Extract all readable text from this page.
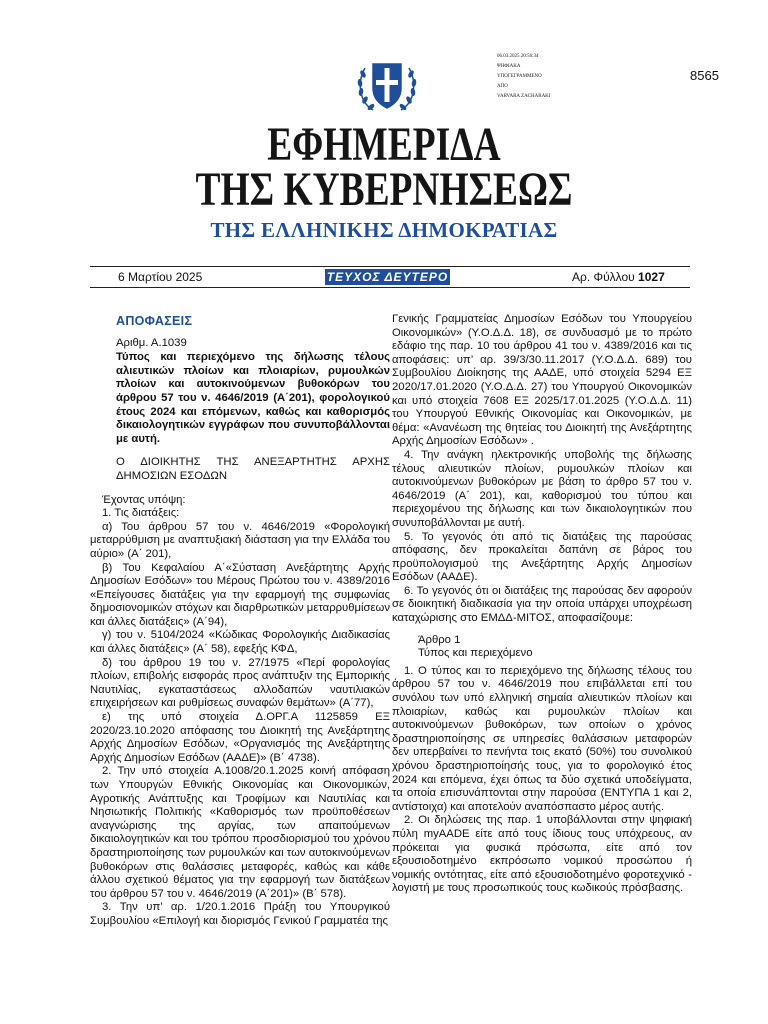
06.03.2025 20:56:34
ΨΗΦΙΑΚΑ
ΥΠΟΓΕΓΡΑΜΜΕΝΟ
ΑΠΟ
VARVARA ZACHARAKI
8565
ΕΦΗΜΕΡΙΔΑ
ΤΗΣ ΚΥΒΕΡΝΗΣΕΩΣ
ΤΗΣ ΕΛΛΗΝΙΚΗΣ ΔΗΜΟΚΡΑΤΙΑΣ
6 Μαρτίου 2025	ΤΕΥΧΟΣ ΔΕΥΤΕΡΟ	Αρ. Φύλλου 1027

ΑΠΟΦΑΣΕΙΣ

Αριθμ. Α.1039

Τύπος και περιεχόμενο της δήλωσης τέλους αλιευτικών πλοίων και πλοιαρίων, ρυμουλκών πλοίων και αυτοκινούμενων βυθοκόρων του άρθρου 57 του ν. 4646/2019 (Α΄201), φορολογικού έτους 2024 και επόμενων, καθώς και καθορισμός δικαιολογητικών εγγράφων που συνυποβάλλονται με αυτή.

Ο ΔΙΟΙΚΗΤΗΣ ΤΗΣ ΑΝΕΞΑΡΤΗΤΗΣ ΑΡΧΗΣ ΔΗΜΟΣΙΩΝ ΕΣΟΔΩΝ

Έχοντας υπόψη:

1. Τις διατάξεις:

α) Του άρθρου 57 του ν. 4646/2019 «Φορολογική μεταρρύθμιση με αναπτυξιακή διάσταση για την Ελλάδα του αύριο» (Α΄ 201),

β) Του Κεφαλαίου Α΄«Σύσταση Ανεξάρτητης Αρχής Δημοσίων Εσόδων» του Μέρους Πρώτου του ν. 4389/2016 «Επείγουσες διατάξεις για την εφαρμογή της συμφωνίας δημοσιονομικών στόχων και διαρθρωτικών μεταρρυθμίσεων και άλλες διατάξεις» (Α΄94),

γ) του ν. 5104/2024 «Κώδικας Φορολογικής Διαδικασίας και άλλες διατάξεις» (Α΄ 58), εφεξής ΚΦΔ,

δ) του άρθρου 19 του ν. 27/1975 «Περί φορολογίας πλοίων, επιβολής εισφοράς προς ανάπτυξιν της Εμπορικής Ναυτιλίας, εγκαταστάσεως αλλοδαπών ναυτιλιακών επιχειρήσεων και ρυθμίσεως συναφών θεμάτων» (Α΄77),

ε) της υπό στοιχεία Δ.ΟΡΓ.Α 1125859 ΕΞ 2020/23.10.2020 απόφασης του Διοικητή της Ανεξάρτητης Αρχής Δημοσίων Εσόδων, «Οργανισμός της Ανεξάρτητης Αρχής Δημοσίων Εσόδων (ΑΑΔΕ)» (Β΄ 4738).

2. Την υπό στοιχεία Α.1008/20.1.2025 κοινή απόφαση των Υπουργών Εθνικής Οικονομίας και Οικονομικών, Αγροτικής Ανάπτυξης και Τροφίμων και Ναυτιλίας και Νησιωτικής Πολιτικής «Καθορισμός των προϋποθέσεων αναγνώρισης της αργίας, των απαιτούμενων δικαιολογητικών και του τρόπου προσδιορισμού του χρόνου δραστηριοποίησης των ρυμουλκών και των αυτοκινούμενων βυθοκόρων στις θαλάσσιες μεταφορές, καθώς και κάθε άλλου σχετικού θέματος για την εφαρμογή των διατάξεων του άρθρου 57 του ν. 4646/2019 (Α΄201)» (Β΄ 578).

3. Την υπ’ αρ. 1/20.1.2016 Πράξη του Υπουργικού Συμβουλίου «Επιλογή και διορισμός Γενικού Γραμματέα της

Γενικής Γραμματείας Δημοσίων Εσόδων του Υπουργείου Οικονομικών» (Υ.Ο.Δ.Δ. 18), σε συνδυασμό με το πρώτο εδάφιο της παρ. 10 του άρθρου 41 του ν. 4389/2016 και τις αποφάσεις: υπ’ αρ. 39/3/30.11.2017 (Υ.Ο.Δ.Δ. 689) του Συμβουλίου Διοίκησης της ΑΑΔΕ, υπό στοιχεία 5294 ΕΞ 2020/17.01.2020 (Υ.Ο.Δ.Δ. 27) του Υπουργού Οικονομικών και υπό στοιχεία 7608 ΕΞ 2025/17.01.2025 (Υ.Ο.Δ.Δ. 11) του Υπουργού Εθνικής Οικονομίας και Οικονομικών, με θέμα: «Ανανέωση της θητείας του Διοικητή της Ανεξάρτητης Αρχής Δημοσίων Εσόδων» .

4. Την ανάγκη ηλεκτρονικής υποβολής της δήλωσης τέλους αλιευτικών πλοίων, ρυμουλκών πλοίων και αυτοκινούμενων βυθοκόρων με βάση το άρθρο 57 του ν. 4646/2019 (Α΄ 201), και, καθορισμού του τύπου και περιεχομένου της δήλωσης και των δικαιολογητικών που συνυποβάλλονται με αυτή.

5. Το γεγονός ότι από τις διατάξεις της παρούσας απόφασης, δεν προκαλείται δαπάνη σε βάρος του προϋπολογισμού της Ανεξάρτητης Αρχής Δημοσίων Εσόδων (ΑΑΔΕ).

6. Το γεγονός ότι οι διατάξεις της παρούσας δεν αφορούν σε διοικητική διαδικασία για την οποία υπάρχει υποχρέωση καταχώρισης στο ΕΜΔΔ-ΜΙΤΟΣ, αποφασίζουμε:

Άρθρο 1

Τύπος και περιεχόμενο

1. Ο τύπος και το περιεχόμενο της δήλωσης τέλους του άρθρου 57 του ν. 4646/2019 που επιβάλλεται επί του συνόλου των υπό ελληνική σημαία αλιευτικών πλοίων και πλοιαρίων, καθώς και ρυμουλκών πλοίων και αυτοκινούμενων βυθοκόρων, των οποίων ο χρόνος δραστηριοποίησης σε υπηρεσίες θαλάσσιων μεταφορών δεν υπερβαίνει το πενήντα τοις εκατό (50%) του συνολικού χρόνου δραστηριοποίησής τους, για το φορολογικό έτος 2024 και επόμενα, έχει όπως τα δύο σχετικά υποδείγματα, τα οποία επισυνάπτονται στην παρούσα (ΕΝΤΥΠΑ 1 και 2, αντίστοιχα) και αποτελούν αναπόσπαστο μέρος αυτής.

2. Οι δηλώσεις της παρ. 1 υποβάλλονται στην ψηφιακή πύλη myAADE είτε από τους ίδιους τους υπόχρεους, αν πρόκειται για φυσικά πρόσωπα, είτε από τον εξουσιοδοτημένο εκπρόσωπο νομικού προσώπου ή νομικής οντότητας, είτε από εξουσιοδοτημένο φοροτεχνικό - λογιστή με τους προσωπικούς τους κωδικούς πρόσβασης.
